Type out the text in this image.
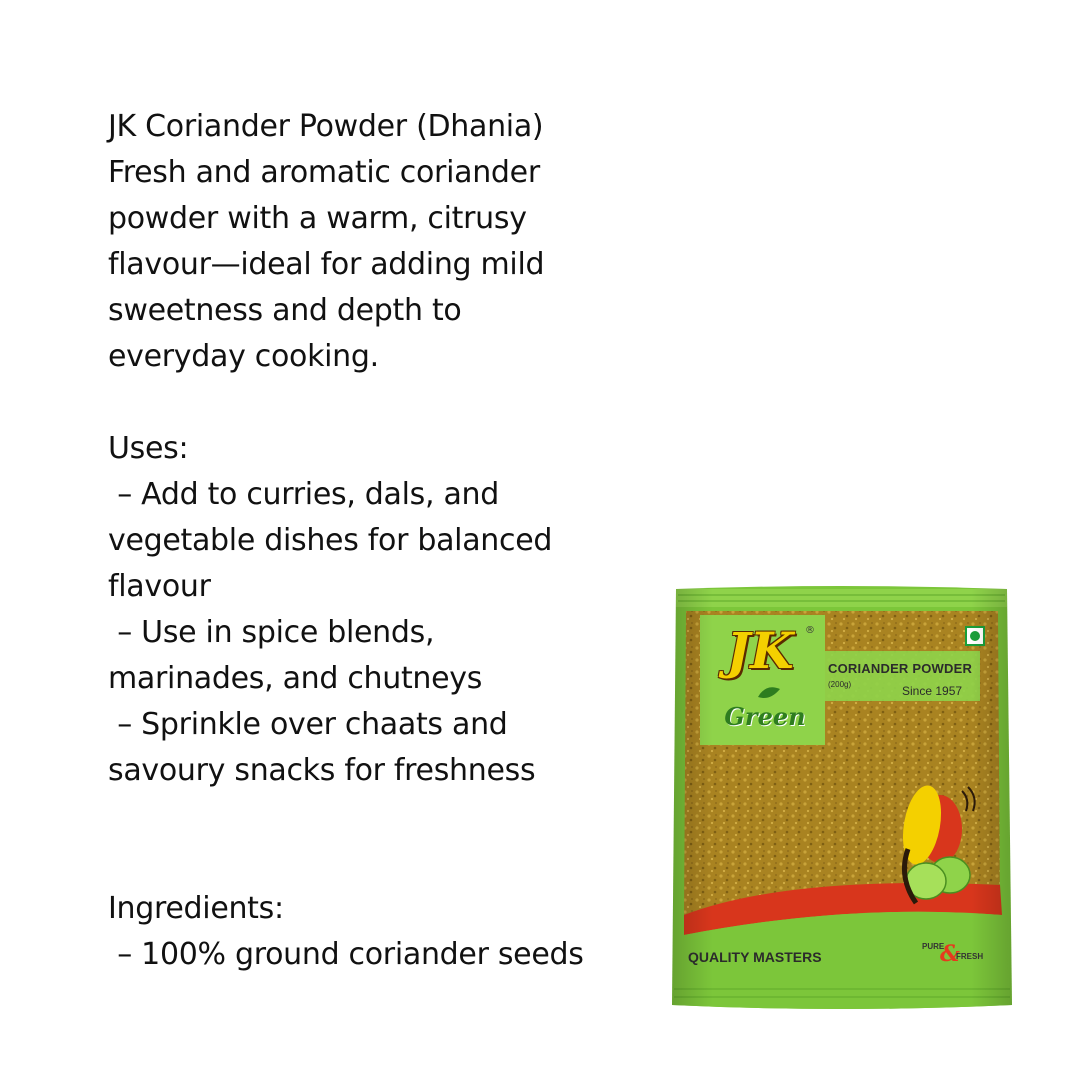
JK Coriander Powder (Dhania)
Fresh and aromatic coriander
powder with a warm, citrusy
flavour—ideal for adding mild
sweetness and depth to
everyday cooking.
Uses:
– Add to curries, dals, and
vegetable dishes for balanced
flavour
– Use in spice blends,
marinades, and chutneys
– Sprinkle over chaats and
savoury snacks for freshness
Ingredients:
– 100% ground coriander seeds
JK	®
Green
CORIANDER POWDER
(200g)	Since 1957
QUALITY MASTERS
PURE
&
FRESH
